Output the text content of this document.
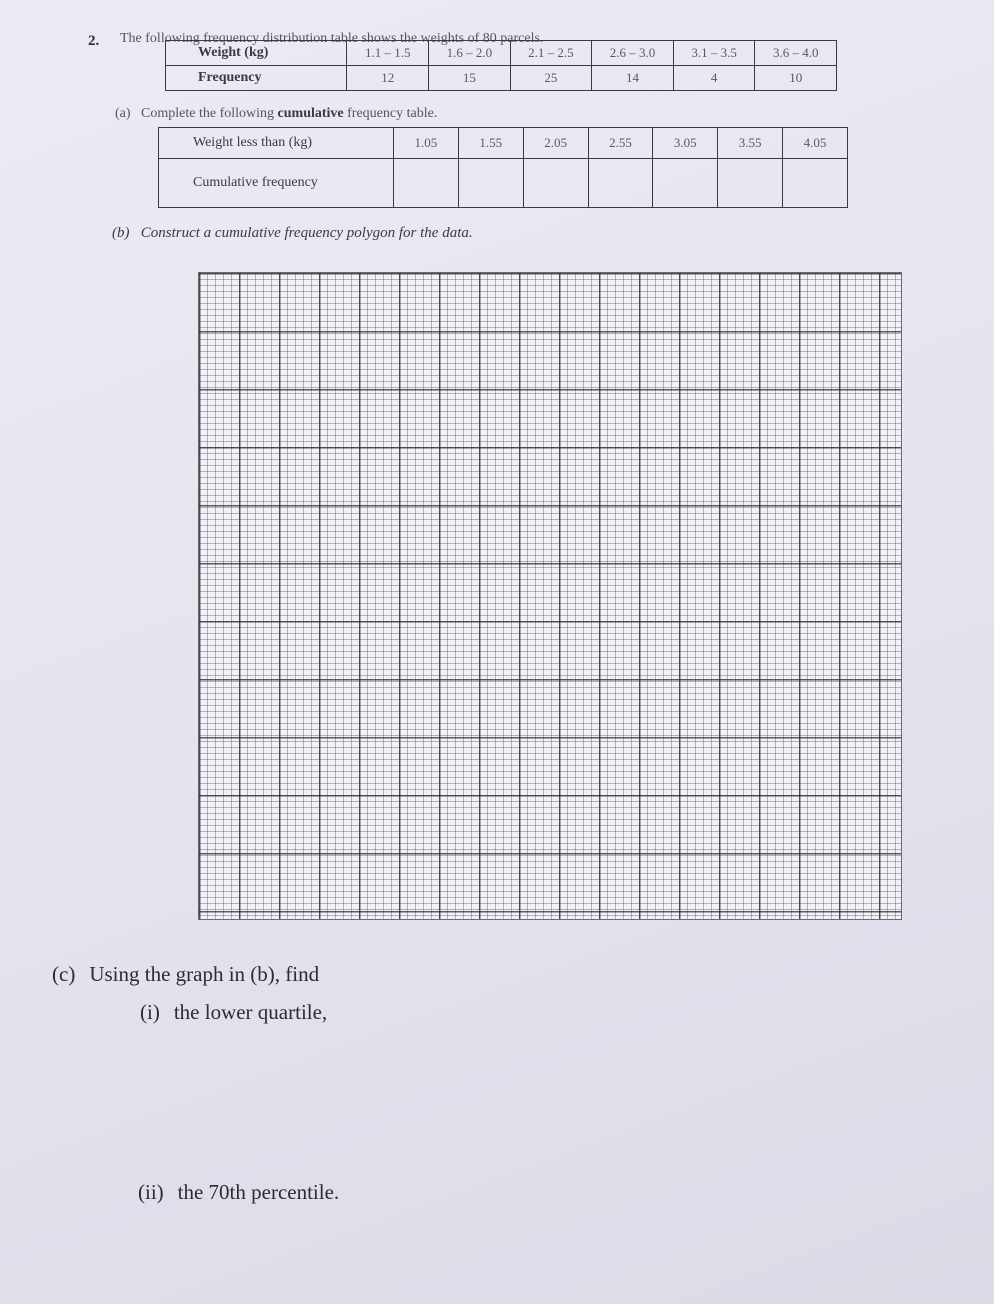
2. The following frequency distribution table shows the weights of 80 parcels.
Weight (kg)	1.1 – 1.5	1.6 – 2.0	2.1 – 2.5	2.6 – 3.0	3.1 – 3.5	3.6 – 4.0
Frequency	12	15	25	14	4	10
(a) Complete the following cumulative frequency table.
Weight less than (kg)	1.05	1.55	2.05	2.55	3.05	3.55	4.05
Cumulative frequency							
(b) Construct a cumulative frequency polygon for the data.
(c) Using the graph in (b), find
(i) the lower quartile,
(ii) the 70th percentile.
